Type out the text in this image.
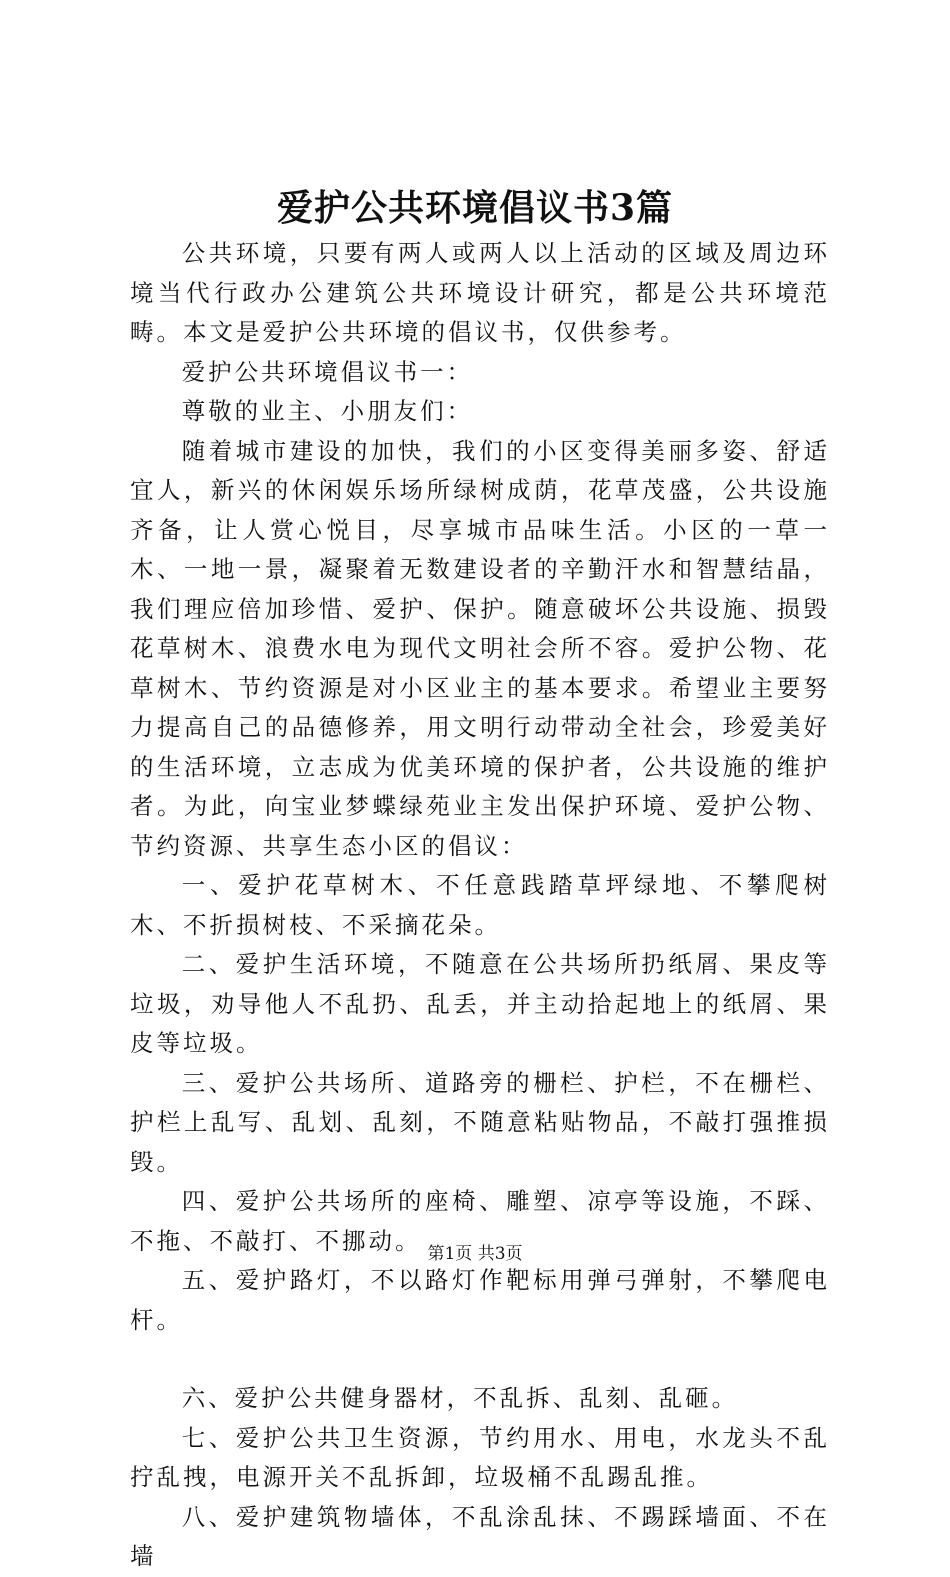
爱护公共环境倡议书3篇

公共环境，只要有两人或两人以上活动的区域及周边环境当代行政办公建筑公共环境设计研究，都是公共环境范畴。本文是爱护公共环境的倡议书，仅供参考。

爱护公共环境倡议书一：

尊敬的业主、小朋友们：

随着城市建设的加快，我们的小区变得美丽多姿、舒适宜人，新兴的休闲娱乐场所绿树成荫，花草茂盛，公共设施齐备，让人赏心悦目，尽享城市品味生活。小区的一草一木、一地一景，凝聚着无数建设者的辛勤汗水和智慧结晶，我们理应倍加珍惜、爱护、保护。随意破坏公共设施、损毁花草树木、浪费水电为现代文明社会所不容。爱护公物、花草树木、节约资源是对小区业主的基本要求。希望业主要努力提高自己的品德修养，用文明行动带动全社会，珍爱美好的生活环境，立志成为优美环境的保护者，公共设施的维护者。为此，向宝业梦蝶绿苑业主发出保护环境、爱护公物、节约资源、共享生态小区的倡议：

一、爱护花草树木、不任意践踏草坪绿地、不攀爬树木、不折损树枝、不采摘花朵。

二、爱护生活环境，不随意在公共场所扔纸屑、果皮等垃圾，劝导他人不乱扔、乱丢，并主动拾起地上的纸屑、果皮等垃圾。

三、爱护公共场所、道路旁的栅栏、护栏，不在栅栏、护栏上乱写、乱划、乱刻，不随意粘贴物品，不敲打强推损毁。

四、爱护公共场所的座椅、雕塑、凉亭等设施，不踩、不拖、不敲打、不挪动。

五、爱护路灯，不以路灯作靶标用弹弓弹射，不攀爬电杆。

六、爱护公共健身器材，不乱拆、乱刻、乱砸。

七、爱护公共卫生资源，节约用水、用电，水龙头不乱拧乱拽，电源开关不乱拆卸，垃圾桶不乱踢乱推。

八、爱护建筑物墙体，不乱涂乱抹、不踢踩墙面、不在墙

第1页 共3页
